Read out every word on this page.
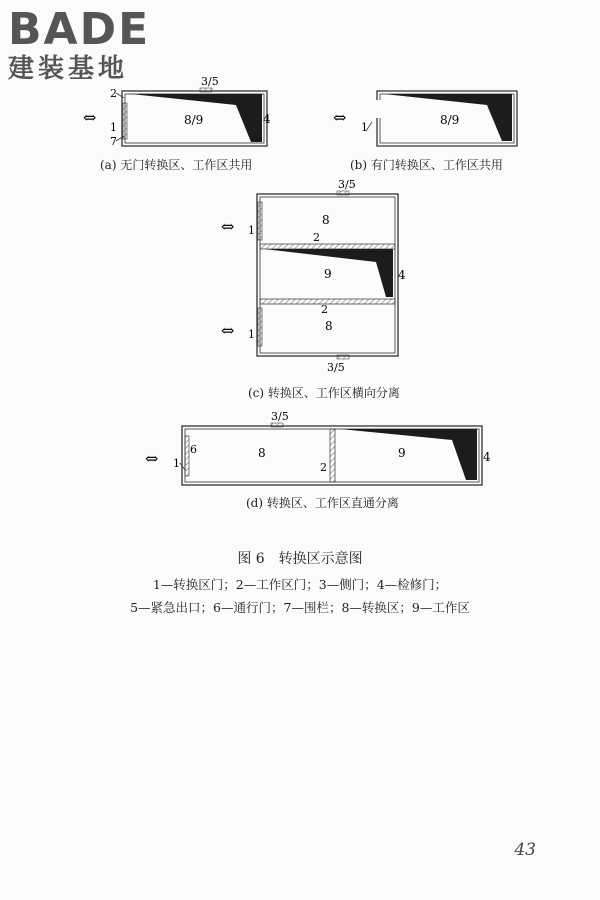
BADE
建装基地	3/5
8/9	4
2
1
7
⇔	8/9
1
⇔
3/5
8
1
⇔
2
9	4
2
8
1
⇔
3/5
3/5
6
1
⇔	8
2
9	4
(a) 无门转换区、工作区共用	(b) 有门转换区、工作区共用
(c) 转换区、工作区横向分离
(d) 转换区、工作区直通分离
图 6　转换区示意图
1—转换区门；2—工作区门；3—侧门；4—检修门；
5—紧急出口；6—通行门；7—围栏；8—转换区；9—工作区
43
